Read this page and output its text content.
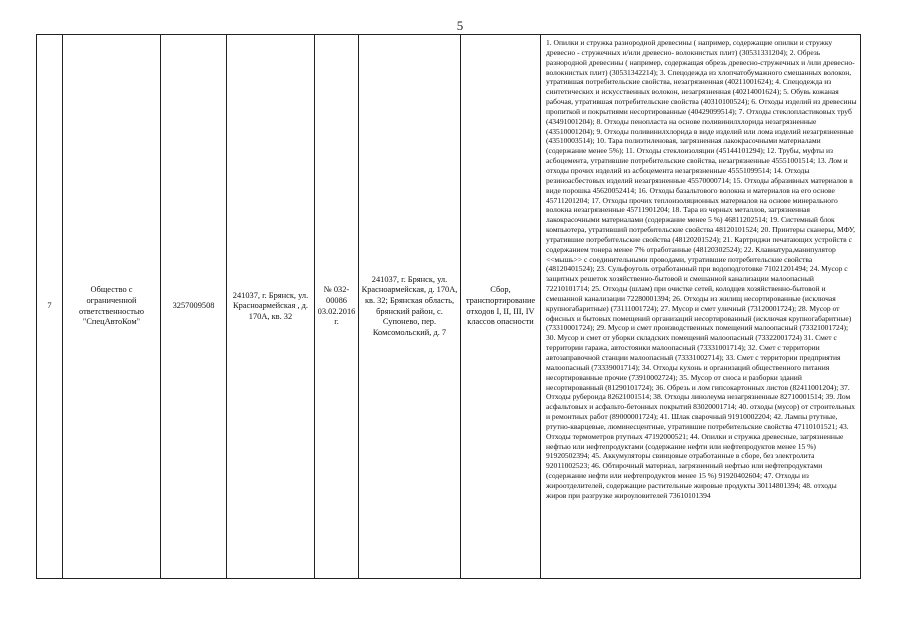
5
7	Общество с ограниченной ответственностью "СпецАвтоКом"	3257009508	241037, г. Брянск, ул. Красноармейская , д. 170А, кв. 32	№ 032-00086 03.02.2016 г.	241037, г. Брянск, ул. Красноармейская, д. 170А, кв. 32; Брянская область, брянский район, с. Супонево, пер. Комсомольский, д. 7	Сбор, транспортирование отходов I, II, III, IV классов опасности	1. Опилки и стружка разнородной древесины ( например, содержащие опилки и стружку древесно - стружечных и/или древесно- волокнистых плит) (30531331204); 2. Обрезь разнородной древесины ( например, содержащая обрезь древесно-стружечных и /или древесно- волокнистых плит) (30531342214); 3. Спецодежда из хлопчатобумажного смешанных волокон, утратившая потребительские свойства, незагрязненная (40211001624); 4. Спецодежда из синтетических и искусственных волокон, незагрязненная (40214001624); 5. Обувь кожаная рабочая, утратившая потребительские свойства (40310100524); 6. Отходы изделий из древесины пропиткой и покрытиями несортированные (40429099514); 7. Отходы стеклопластиковых труб (43491001204); 8. Отходы пенопласта на основе поливинилхлорида незагрязненные (43510001204); 9. Отходы поливинилхлорида в виде изделий или лома изделий незагрязненные (43510003514); 10. Тара полиэтиленовая, загрязненная лакокрасочными материалами (содержание менее 5%); 11. Отходы стеклоизоляции (45144101294); 12. Трубы, муфты из асбоцемента, утратившие потребительские свойства, незагрязненные 45551001514; 13. Лом и отходы прочих изделий из асбоцемента незагрязненные 45551099514; 14. Отходы резиноасбестовых изделий незагрязненные 45570000714; 15. Отходы абразивных материалов в виде порошка 45620052414; 16. Отходы базальтового волокна и материалов на его основе 45711201204; 17. Отходы прочих теплоизоляционных материалов на основе минерального волокна незагрязненные 45711901204; 18. Тара из черных металлов, загрязненная лакокрасочными материалами (содержание менее 5 %) 46811202514; 19. Системный блок компьютера, утративший потребительские свойства 48120101524; 20. Принтеры сканеры, МФУ, утратившие потребительские свойства (48120201524); 21. Картриджи печатающих устройств с содержанием тонера менее 7% отработанные (48120302524); 22. Клавиатура,манипулятор <<мышь>> с соединительными проводами, утратившие потребительские свойства (48120401524); 23. Сульфоуголь отработанный при водоподготовке 71021201494; 24. Мусор с защитных решеток хозяйственно-бытовой и смешанной канализации малоопасный 72210101714; 25. Отходы (шлам) при очистке сетей, колодцев хозяйственно-бытовой и смешанной канализации 72280001394; 26. Отходы из жилищ несортированные (исключая крупногабаритные) (73111001724); 27. Мусор и смет уличный (73120001724); 28. Мусор от офисных и бытовых помещений организаций несортированный (исключая крупногабаритные) (73310001724); 29. Мусор и смет производственных помещений малоопасный (73321001724); 30. Мусор и смет от уборки складских помещений малоопасный (73322001724) 31. Смет с территории гаража, автостоянки малоопасный (73331001714); 32. Смет с территории автозаправочной станции малоопасный (73331002714); 33. Смет с территории предприятия малоопасный (73339001714); 34. Отходы кухонь и организаций общественного питания несортированные прочие (73910002724); 35. Мусор от сноса и разборки зданий несортированный (81290101724); 36. Обрезь и лом гипсокартонных листов (82411001204); 37. Отходы рубероида 82621001514; 38. Отходы линолеума незагрязненные 82710001514; 39. Лом асфальтовых и асфальто-бетонных покрытий 83020001714; 40. отходы (мусор) от строительных и ремонтных работ (89000001724); 41. Шлак сварочный 91910002204; 42. Лампы ртутные, ртутно-кварцевые, люминесцентные, утратившие потребительские свойства 47110101521; 43. Отходы термометров ртутных 47192000521; 44. Опилки и стружка древесные, загрязненные нефтью или нефтепродуктами (содержание нефти или нефтепродуктов менее 15 %) 91920502394; 45. Аккумуляторы свинцовые отработанные в сборе, без электролита 92011002523; 46. Обтирочный материал, загрязненный нефтью или нефтепродуктами (содержание нефти или нефтепродуктов менее 15 %) 91920402604; 47. Отходы из жироотделителей, содержащие растительные жировые продукты 30114801394; 48. отходы жиров при разгрузке жироуловителей 73610101394
